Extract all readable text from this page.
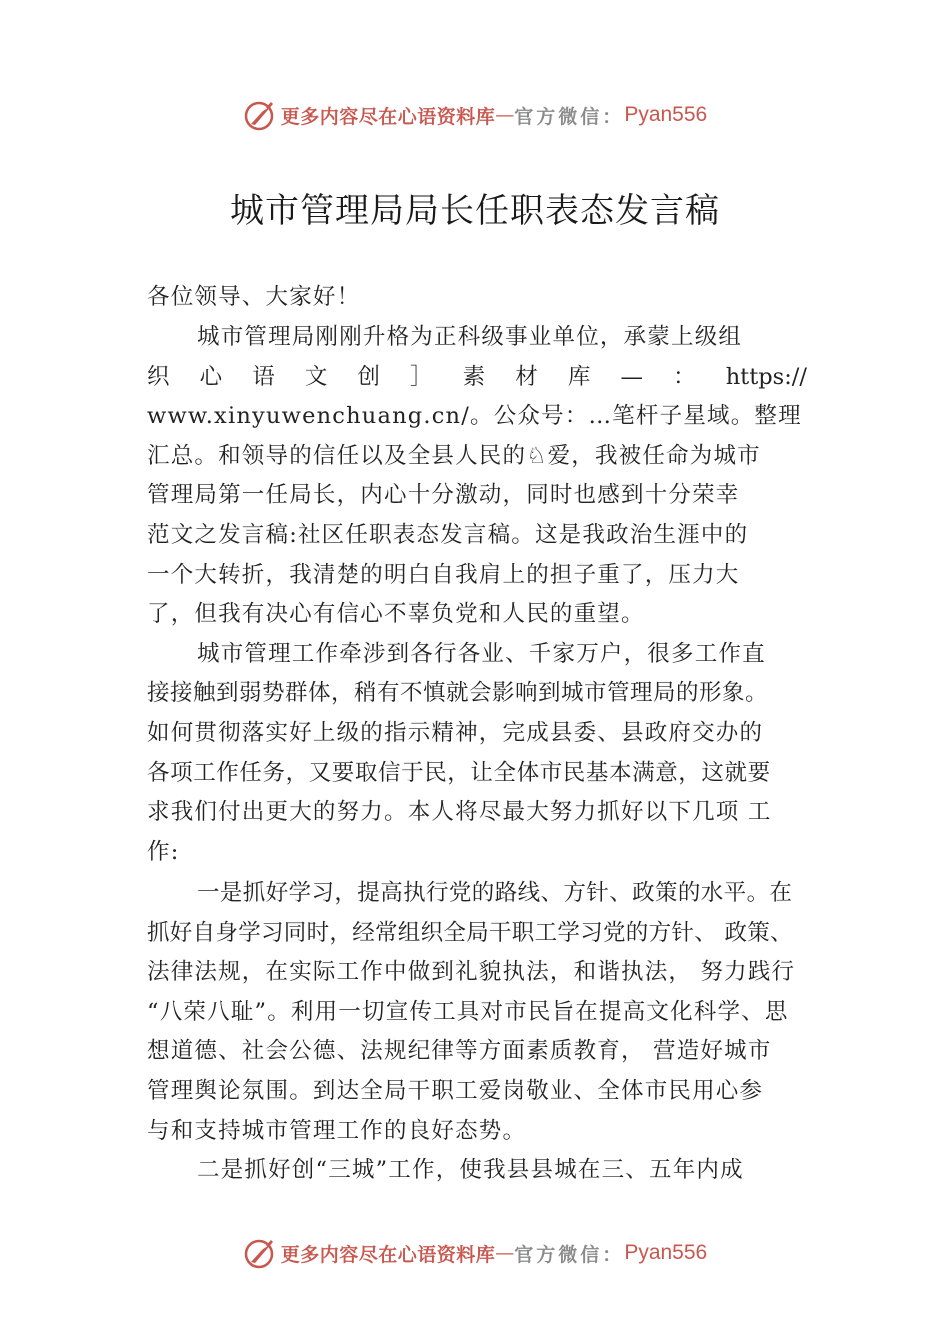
更多内容尽在心语资料库 — 官方微信： Pyan556
城市管理局局长任职表态发言稿
各位领导、大家好！
城市管理局刚刚升格为正科级事业单位，承蒙上级组
织 心 语 文 创 ］ 素 材 库 — ： https://
www.xinyuwenchuang.cn/。公众号：…笔杆子星域。整理
汇总。和领导的信任以及全县人民的♘爱，我被任命为城市
管理局第一任局长，内心十分激动，同时也感到十分荣幸
范文之发言稿:社区任职表态发言稿。这是我政治生涯中的
一个大转折，我清楚的明白自我肩上的担子重了，压力大
了，但我有决心有信心不辜负党和人民的重望。
城市管理工作牵涉到各行各业、千家万户，很多工作直
接接触到弱势群体，稍有不慎就会影响到城市管理局的形象。
如何贯彻落实好上级的指示精神，完成县委、县政府交办的
各项工作任务，又要取信于民，让全体市民基本满意，这就要
求我们付出更大的努力。本人将尽最大努力抓好以下几项 工
作:
一是抓好学习，提高执行党的路线、方针、政策的水平。在
抓好自身学习同时，经常组织全局干职工学习党的方针、 政策、
法律法规，在实际工作中做到礼貌执法，和谐执法， 努力践行
“八荣八耻”。利用一切宣传工具对市民旨在提高文化科学、思
想道德、社会公德、法规纪律等方面素质教育， 营造好城市
管理舆论氛围。到达全局干职工爱岗敬业、全体市民用心参
与和支持城市管理工作的良好态势。
二是抓好创“三城”工作，使我县县城在三、五年内成
更多内容尽在心语资料库 — 官方微信： Pyan556
